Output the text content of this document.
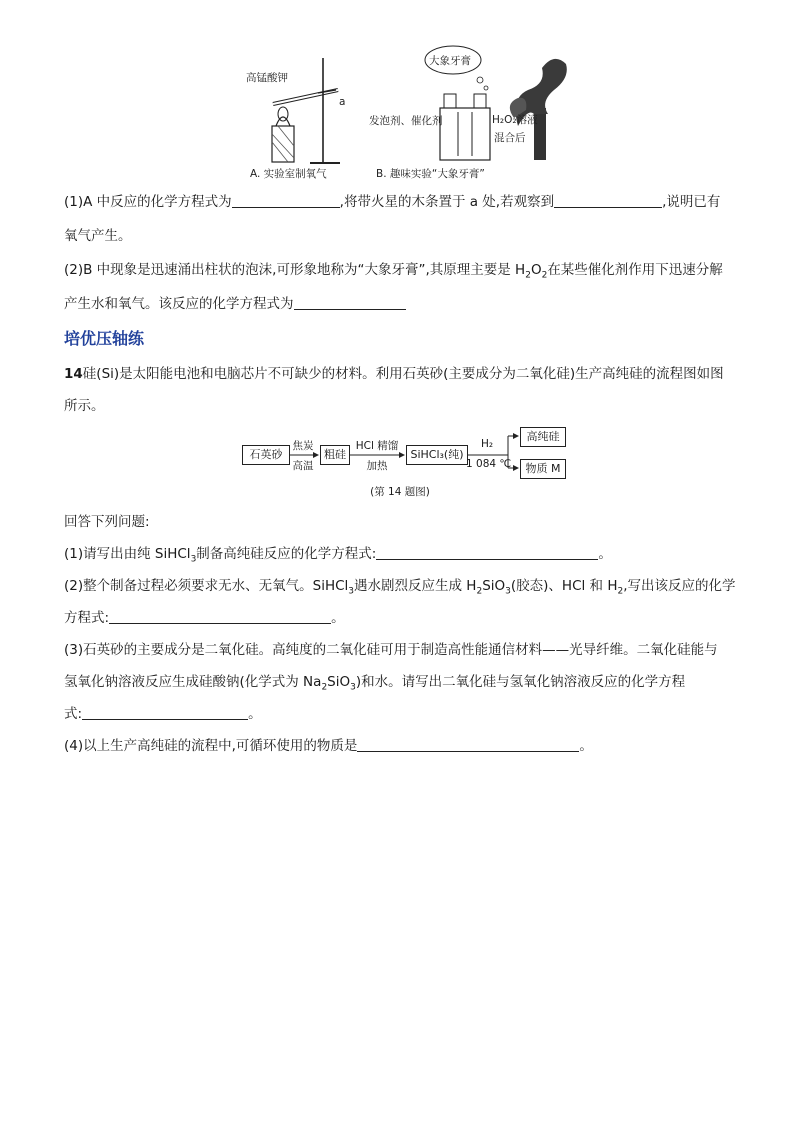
高锰酸钾
a
发泡剂、催化剂	H₂O₂溶液
混合后
大象牙膏
A. 实验室制氧气	B. 趣味实验“大象牙膏”
(1)A 中反应的化学方程式为	,将带火星的木条置于 a 处,若观察到	,说明已有
氧气产生。
(2)B 中现象是迅速涌出柱状的泡沫,可形象地称为“大象牙膏”,其原理主要是 $H_2O_2$在某些催化剂作用下迅速分解
产生水和氧气。该反应的化学方程式为
培优压轴练
14硅(Si)是太阳能电池和电脑芯片不可缺少的材料。利用石英砂(主要成分为二氧化硅)生产高纯硅的流程图如图
所示。
石英砂
焦炭
高温
粗硅
HCl 精馏
加热
SiHCl₃(纯)
H₂
1 084 ℃
高纯硅
物质 M
(第 14 题图)
回答下列问题:
(1)请写出由纯 SiHCl$_3$制备高纯硅反应的化学方程式:	。
(2)整个制备过程必须要求无水、无氧气。SiHCl$_3$遇水剧烈反应生成 $H_2SiO_3$(胶态)、HCl 和 $H_2$,写出该反应的化学
方程式:	。
(3)石英砂的主要成分是二氧化硅。高纯度的二氧化硅可用于制造高性能通信材料——光导纤维。二氧化硅能与
氢氧化钠溶液反应生成硅酸钠(化学式为 $Na_2SiO_3$)和水。请写出二氧化硅与氢氧化钠溶液反应的化学方程
式:	。
(4)以上生产高纯硅的流程中,可循环使用的物质是	。
